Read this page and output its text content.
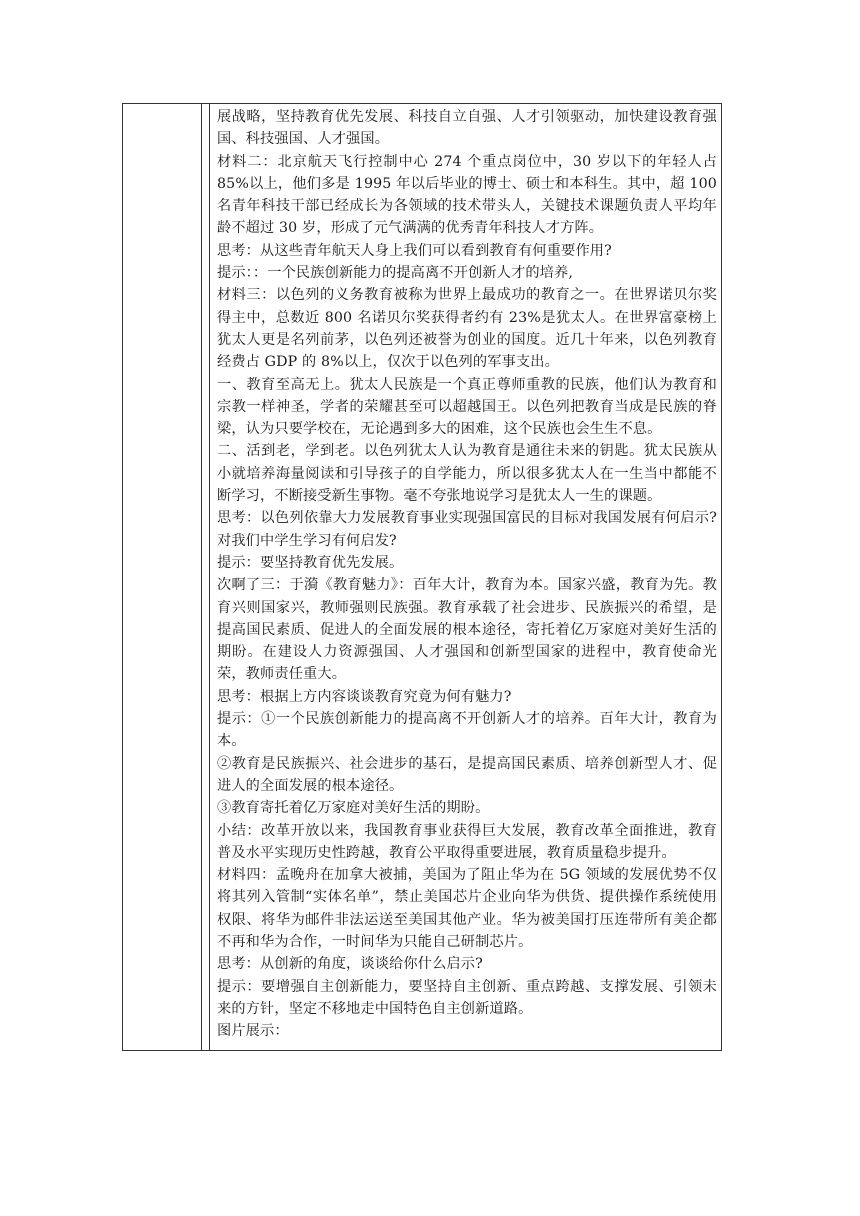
展战略，坚持教育优先发展、科技自立自强、人才引领驱动，加快建设教育强国、科技强国、人才强国。

材料二：北京航天飞行控制中心 274 个重点岗位中，30 岁以下的年轻人占 85%以上，他们多是 1995 年以后毕业的博士、硕士和本科生。其中，超 100 名青年科技干部已经成长为各领域的技术带头人，关键技术课题负责人平均年龄不超过 30 岁，形成了元气满满的优秀青年科技人才方阵。

思考：从这些青年航天人身上我们可以看到教育有何重要作用?

提示：：一个民族创新能力的提高离不开创新人才的培养,

材料三：以色列的义务教育被称为世界上最成功的教育之一。在世界诺贝尔奖得主中，总数近 800 名诺贝尔奖获得者约有 23%是犹太人。在世界富豪榜上犹太人更是名列前茅，以色列还被誉为创业的国度。近几十年来，以色列教育经费占 GDP 的 8%以上，仅次于以色列的军事支出。

一、教育至高无上。犹太人民族是一个真正尊师重教的民族，他们认为教育和宗教一样神圣，学者的荣耀甚至可以超越国王。以色列把教育当成是民族的脊梁，认为只要学校在，无论遇到多大的困难，这个民族也会生生不息。

二、活到老，学到老。以色列犹太人认为教育是通往未来的钥匙。犹太民族从小就培养海量阅读和引导孩子的自学能力，所以很多犹太人在一生当中都能不断学习，不断接受新生事物。毫不夸张地说学习是犹太人一生的课题。

思考：以色列依靠大力发展教育事业实现强国富民的目标对我国发展有何启示?对我们中学生学习有何启发?

提示：要坚持教育优先发展。

次啊了三：于漪《教育魅力》：百年大计，教育为本。国家兴盛，教育为先。教育兴则国家兴，教师强则民族强。教育承载了社会进步、民族振兴的希望，是提高国民素质、促进人的全面发展的根本途径，寄托着亿万家庭对美好生活的期盼。在建设人力资源强国、人才强国和创新型国家的进程中，教育使命光荣，教师责任重大。

思考：根据上方内容谈谈教育究竟为何有魅力?

提示：①一个民族创新能力的提高离不开创新人才的培养。百年大计，教育为本。

②教育是民族振兴、社会进步的基石，是提高国民素质、培养创新型人才、促进人的全面发展的根本途径。

③教育寄托着亿万家庭对美好生活的期盼。

小结：改革开放以来，我国教育事业获得巨大发展，教育改革全面推进，教育普及水平实现历史性跨越，教育公平取得重要进展，教育质量稳步提升。

材料四：孟晚舟在加拿大被捕，美国为了阻止华为在 5G 领域的发展优势不仅将其列入管制“实体名单”，禁止美国芯片企业向华为供货、提供操作系统使用权限、将华为邮件非法运送至美国其他产业。华为被美国打压连带所有美企都不再和华为合作，一时间华为只能自己研制芯片。

思考：从创新的角度，谈谈给你什么启示?

提示：要增强自主创新能力，要坚持自主创新、重点跨越、支撑发展、引领未来的方针，坚定不移地走中国特色自主创新道路。

图片展示：
